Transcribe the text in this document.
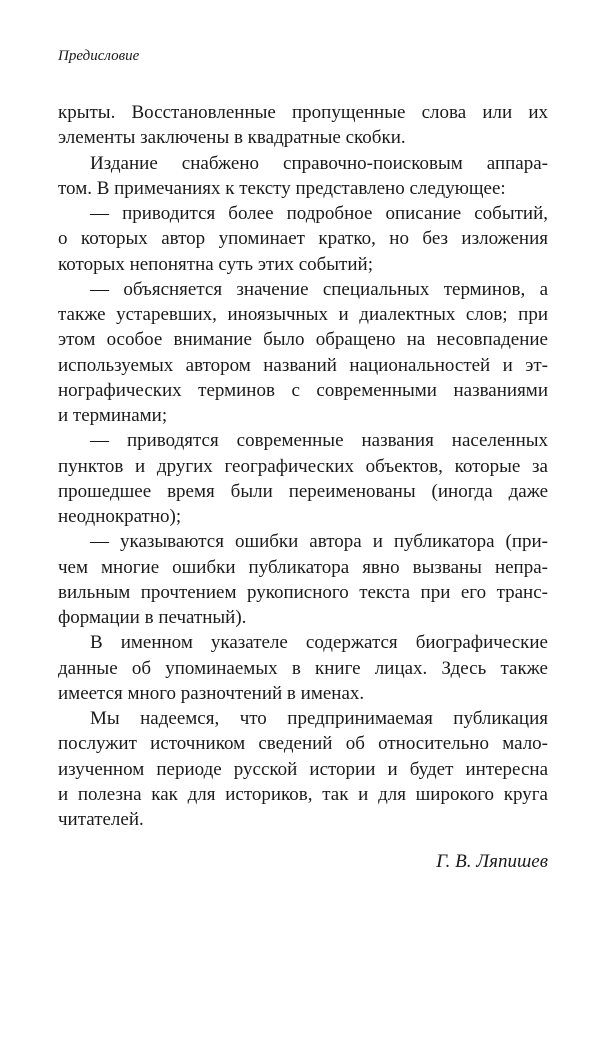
Предисловие
крыты. Восстановленные пропущенные слова или их
элементы заключены в квадратные скобки.
Издание снабжено справочно-поисковым аппара-
том. В примечаниях к тексту представлено следующее:
— приводится более подробное описание событий,
о которых автор упоминает кратко, но без изложения
которых непонятна суть этих событий;
— объясняется значение специальных терминов, а
также устаревших, иноязычных и диалектных слов; при
этом особое внимание было обращено на несовпадение
используемых автором названий национальностей и эт-
нографических терминов с современными названиями
и терминами;
— приводятся современные названия населенных
пунктов и других географических объектов, которые за
прошедшее время были переименованы (иногда даже
неоднократно);
— указываются ошибки автора и публикатора (при-
чем многие ошибки публикатора явно вызваны непра-
вильным прочтением рукописного текста при его транс-
формации в печатный).
В именном указателе содержатся биографические
данные об упоминаемых в книге лицах. Здесь также
имеется много разночтений в именах.
Мы надеемся, что предпринимаемая публикация
послужит источником сведений об относительно мало-
изученном периоде русской истории и будет интересна
и полезна как для историков, так и для широкого круга
читателей.
Г. В. Ляпишев
